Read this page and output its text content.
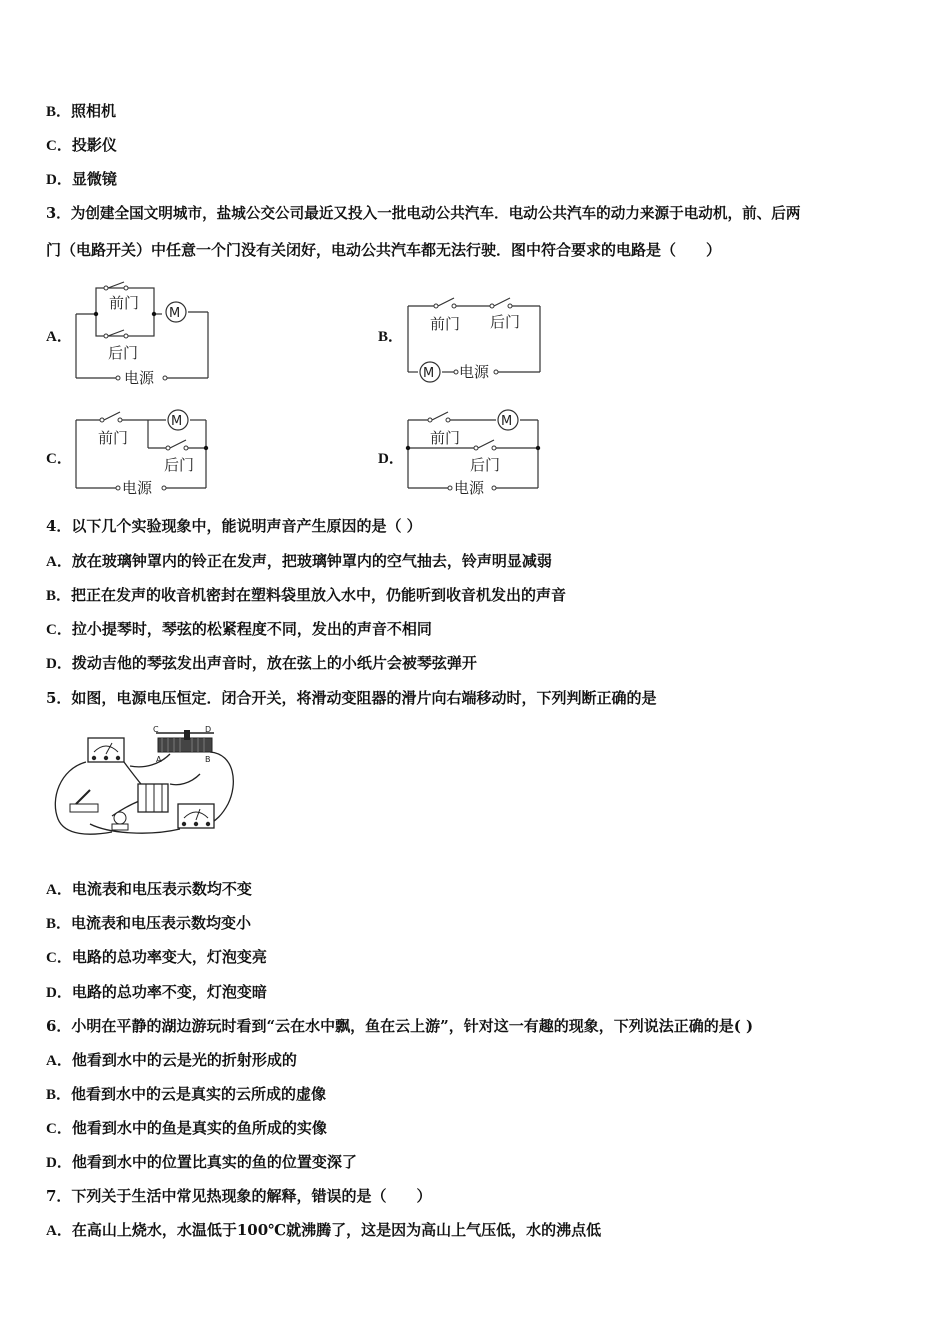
B．照相机
C．投影仪
D．显微镜
3．为创建全国文明城市，盐城公交公司最近又投入一批电动公共汽车．电动公共汽车的动力来源于电动机，前、后两
门（电路开关）中任意一个门没有关闭好，电动公共汽车都无法行驶．图中符合要求的电路是（　　）
A．
前门
后门
M
电源
B．
前门 后门
M 电源
C．
前门
后门
M
电源
D．
前门
后门
M
电源
4．以下几个实验现象中，能说明声音产生原因的是（ ）
A．放在玻璃钟罩内的铃正在发声，把玻璃钟罩内的空气抽去，铃声明显减弱
B．把正在发声的收音机密封在塑料袋里放入水中，仍能听到收音机发出的声音
C．拉小提琴时，琴弦的松紧程度不同，发出的声音不相同
D．拨动吉他的琴弦发出声音时，放在弦上的小纸片会被琴弦弹开
5．如图，电源电压恒定．闭合开关，将滑动变阻器的滑片向右端移动时，下列判断正确的是
C	D
A	B
A．电流表和电压表示数均不变
B．电流表和电压表示数均变小
C．电路的总功率变大，灯泡变亮
D．电路的总功率不变，灯泡变暗
6．小明在平静的湖边游玩时看到“云在水中飘，鱼在云上游”，针对这一有趣的现象，下列说法正确的是( )
A．他看到水中的云是光的折射形成的
B．他看到水中的云是真实的云所成的虚像
C．他看到水中的鱼是真实的鱼所成的实像
D．他看到水中的位置比真实的鱼的位置变深了
7．下列关于生活中常见热现象的解释，错误的是（　　）
A．在高山上烧水，水温低于100℃就沸腾了，这是因为高山上气压低，水的沸点低
